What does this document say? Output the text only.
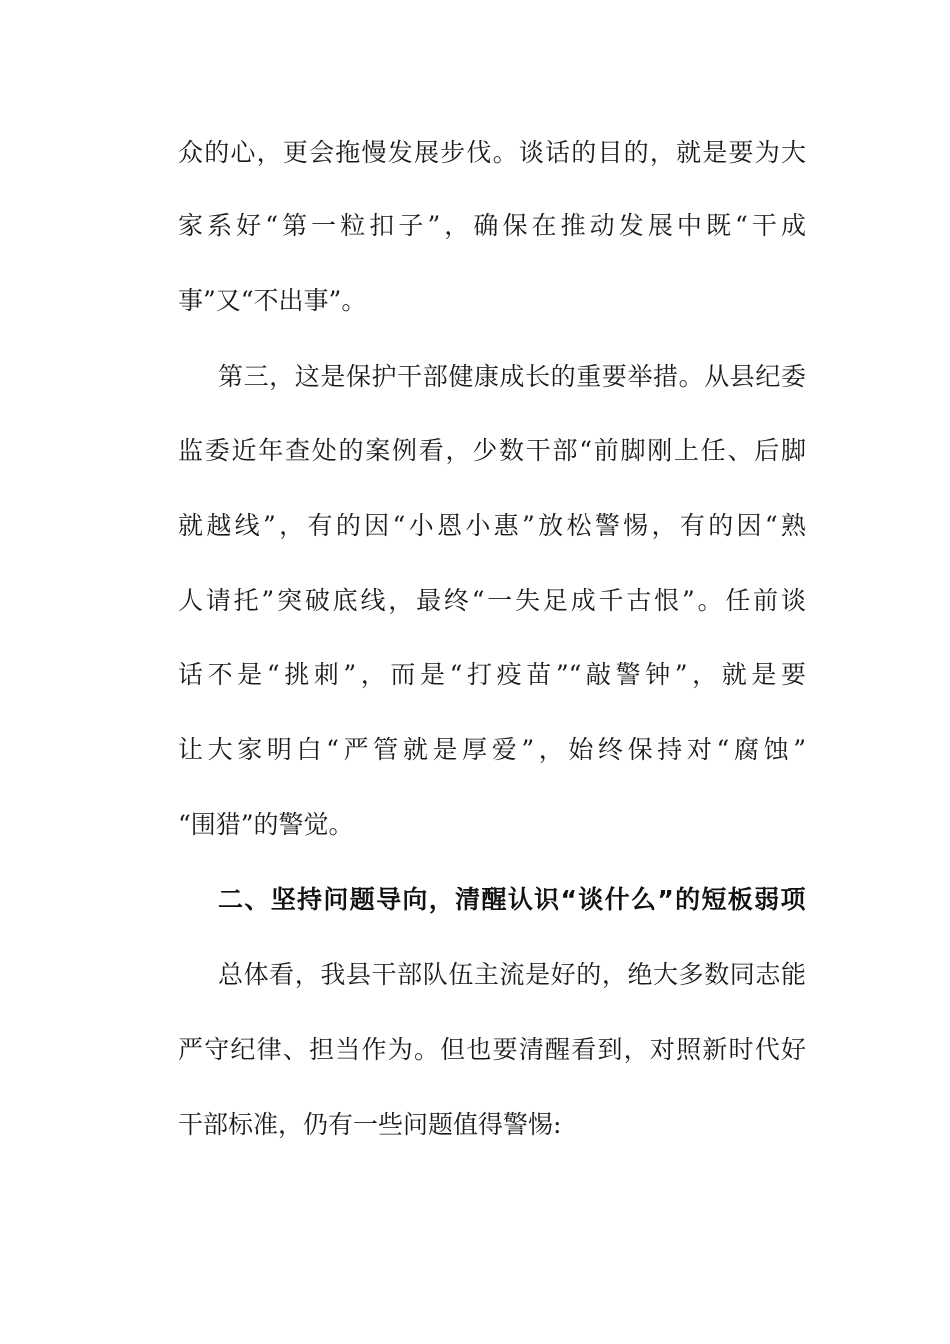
众的心，更会拖慢发展步伐。谈话的目的，就是要为大
家系好“第一粒扣子”，确保在推动发展中既“干成
事”又“不出事”。
第三，这是保护干部健康成长的重要举措。从县纪委
监委近年查处的案例看，少数干部“前脚刚上任、后脚
就越线”，有的因“小恩小惠”放松警惕，有的因“熟
人请托”突破底线，最终“一失足成千古恨”。任前谈
话不是“挑刺”，而是“打疫苗”“敲警钟”，就是要
让大家明白“严管就是厚爱”，始终保持对“腐蚀”
“围猎”的警觉。
二、坚持问题导向，清醒认识“谈什么”的短板弱项
总体看，我县干部队伍主流是好的，绝大多数同志能
严守纪律、担当作为。但也要清醒看到，对照新时代好
干部标准，仍有一些问题值得警惕:
